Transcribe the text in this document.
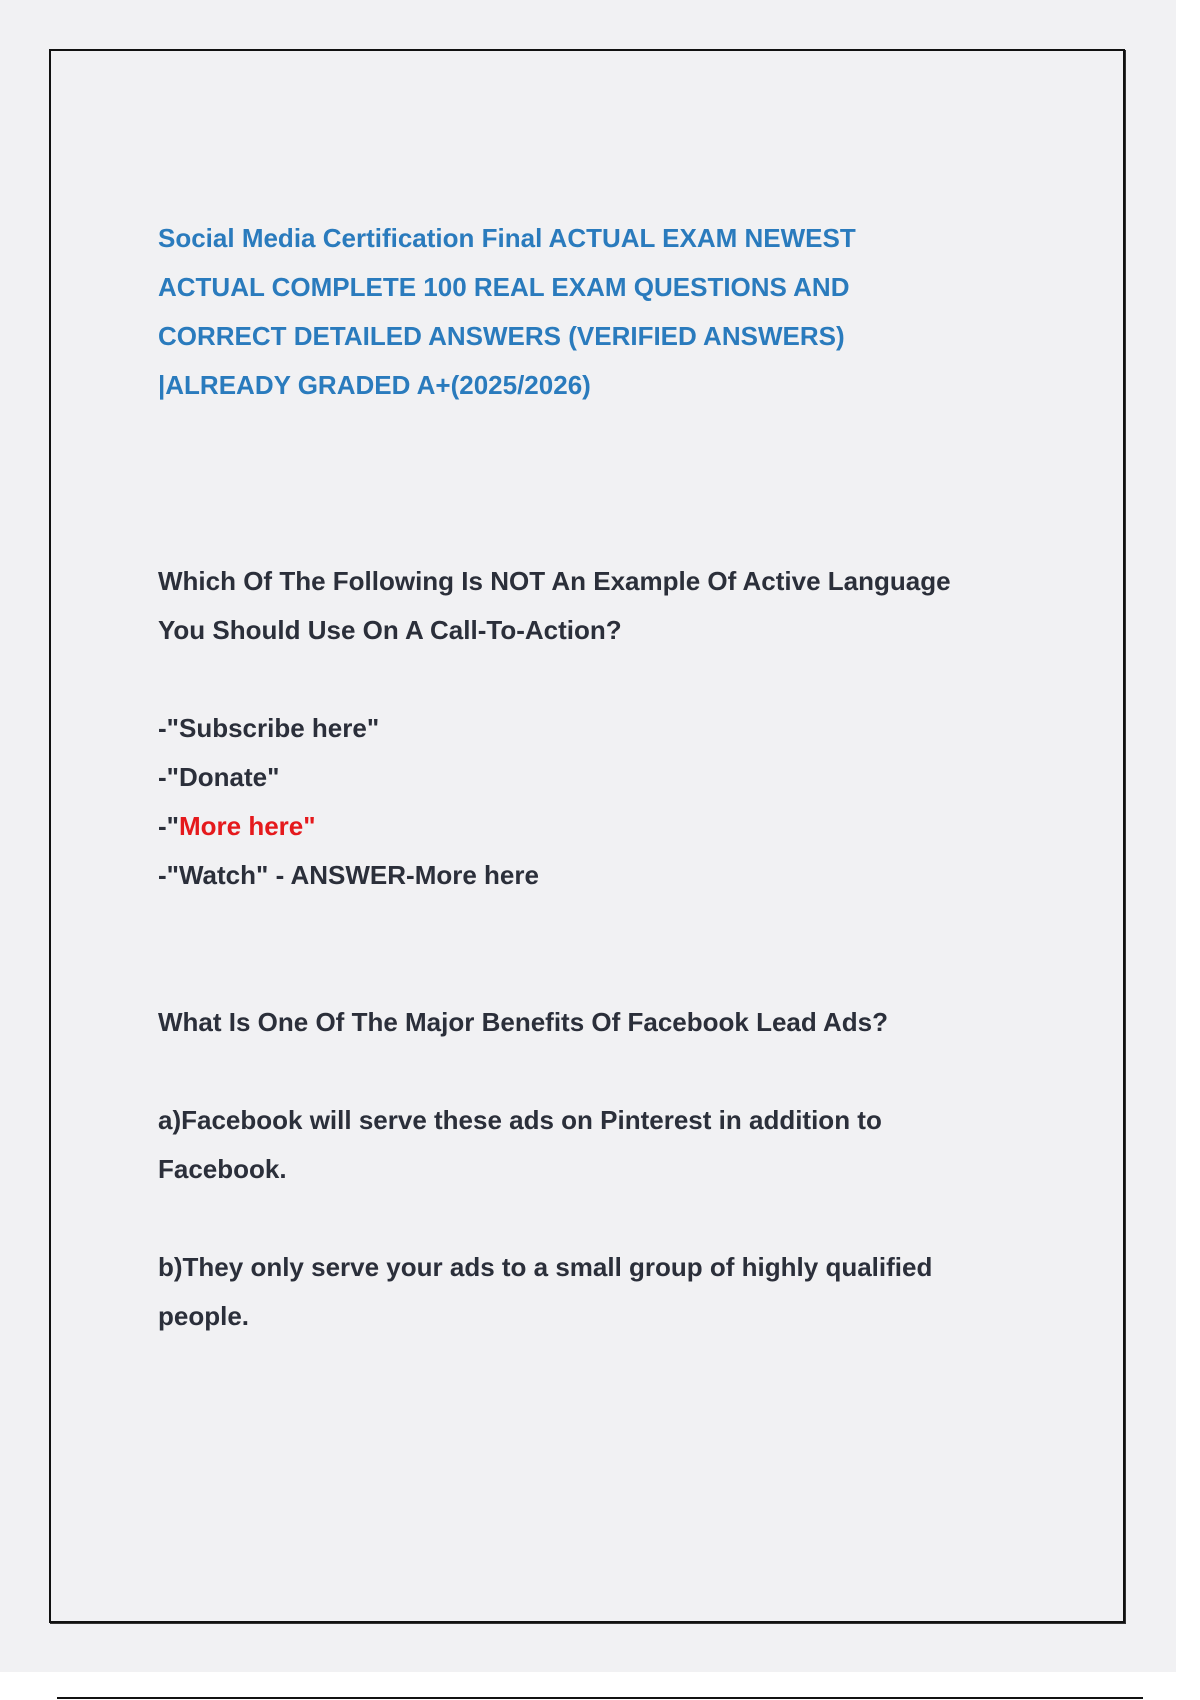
Social Media Certification Final ACTUAL EXAM NEWEST
ACTUAL COMPLETE 100 REAL EXAM QUESTIONS AND
CORRECT DETAILED ANSWERS (VERIFIED ANSWERS)
|ALREADY GRADED A+(2025/2026)

Which Of The Following Is NOT An Example Of Active Language
You Should Use On A Call-To-Action?

-"Subscribe here"

-"Donate"

-"More here"

-"Watch" - ANSWER-More here

What Is One Of The Major Benefits Of Facebook Lead Ads?

a)Facebook will serve these ads on Pinterest in addition to
Facebook.

b)They only serve your ads to a small group of highly qualified
people.
